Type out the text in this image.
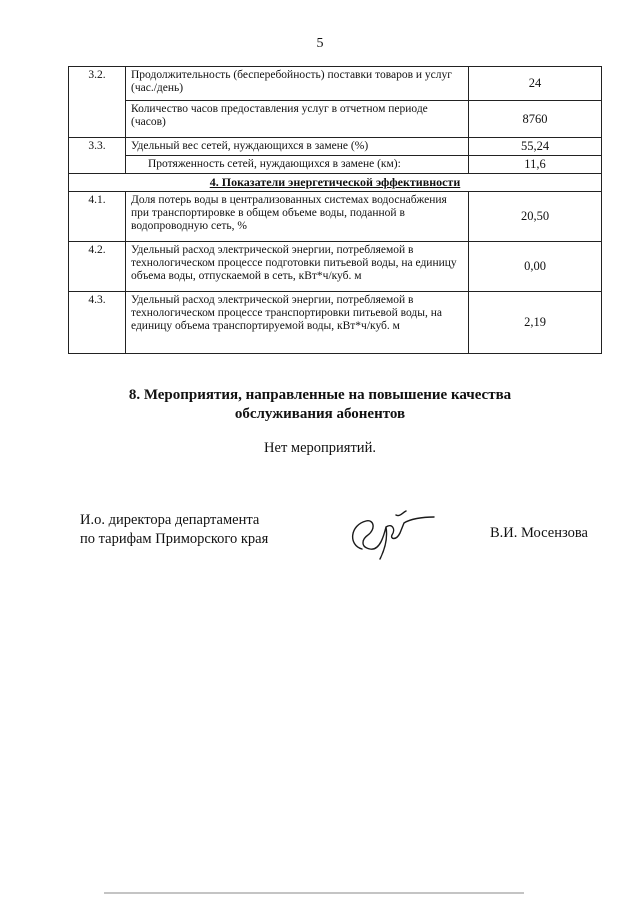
5
3.2.	Продолжительность (бесперебойность) поставки товаров и услуг (час./день)	24
	Количество часов предоставления услуг в отчетном периоде (часов)	8760
3.3.	Удельный вес сетей, нуждающихся в замене (%)	55,24
	Протяженность сетей, нуждающихся в замене (км):	11,6
4. Показатели энергетической эффективности		
4.1.	Доля потерь воды в централизованных системах водоснабжения при транспортировке в общем объеме воды, поданной в водопроводную сеть, %	20,50
4.2.	Удельный расход электрической энергии, потребляемой в технологическом процессе подготовки питьевой воды, на единицу объема воды, отпускаемой в сеть, кВт*ч/куб. м	0,00
4.3.	Удельный расход электрической энергии, потребляемой в технологическом процессе транспортировки питьевой воды, на единицу объема транспортируемой воды, кВт*ч/куб. м	2,19
8. Мероприятия, направленные на повышение качества
обслуживания абонентов
Нет мероприятий.
И.о. директора департамента
по тарифам Приморского края	В.И. Мосензова
